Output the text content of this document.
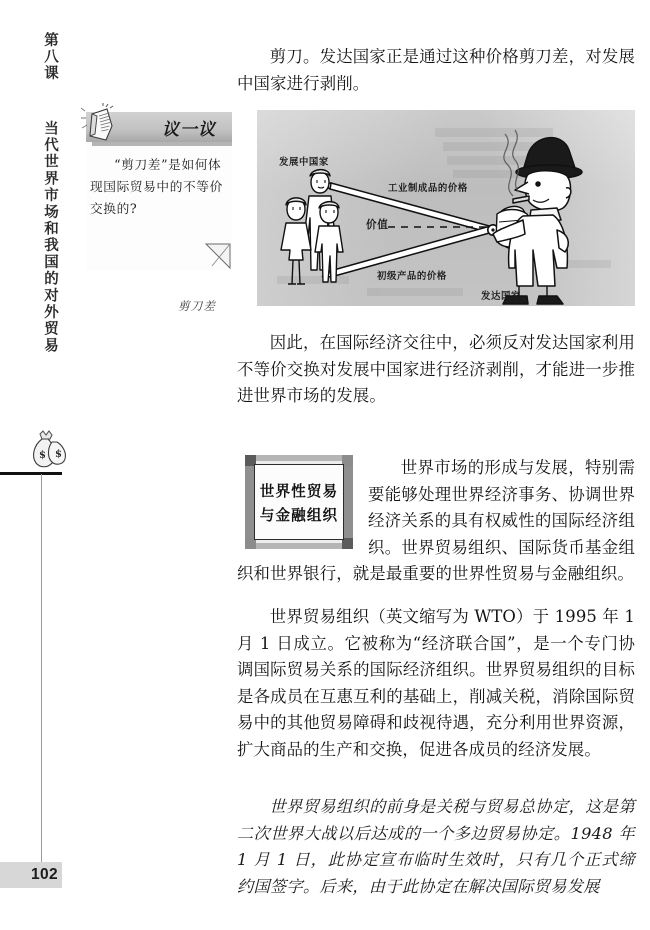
第八课  当代世界市场和我国的对外贸易
$ $
102
议一议
“剪刀差”是如何体现国际贸易中的不等价交换的?
剪刀差
剪刀。发达国家正是通过这种价格剪刀差，对发展中国家进行剥削。
发展中国家
工业制成品的价格
价值
初级产品的价格
发达国家
因此，在国际经济交往中，必须反对发达国家利用不等价交换对发展中国家进行经济剥削，才能进一步推进世界市场的发展。
世界性贸易
与金融组织
世界市场的形成与发展，特别需要能够处理世界经济事务、协调世界经济关系的具有权威性的国际经济组织。世界贸易组织、国际货币基金组织和世界银行，就是最重要的世界性贸易与金融组织。
世界贸易组织（英文缩写为 WTO）于 1995 年 1 月 1 日成立。它被称为“经济联合国”，是一个专门协调国际贸易关系的国际经济组织。世界贸易组织的目标是各成员在互惠互利的基础上，削减关税，消除国际贸易中的其他贸易障碍和歧视待遇，充分利用世界资源，扩大商品的生产和交换，促进各成员的经济发展。
世界贸易组织的前身是关税与贸易总协定，这是第二次世界大战以后达成的一个多边贸易协定。1948 年 1 月 1 日，此协定宣布临时生效时，只有几个正式缔约国签字。后来，由于此协定在解决国际贸易发展
